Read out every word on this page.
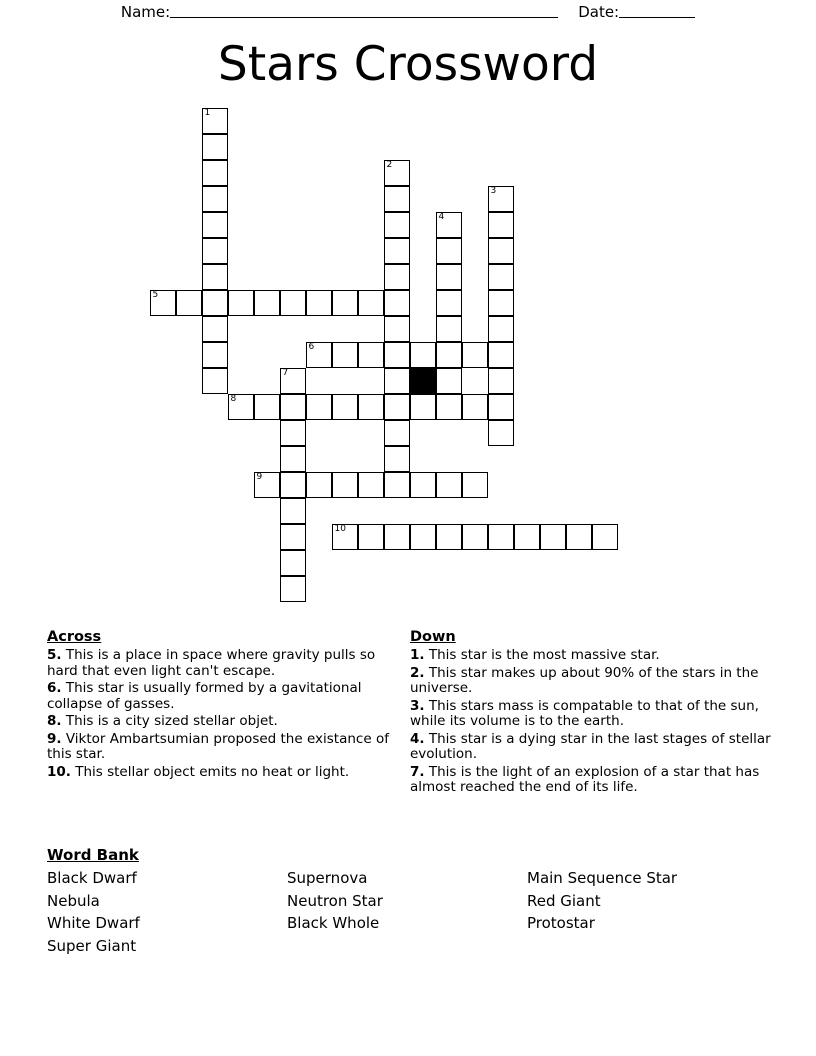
Name:	Date:
Stars Crossword
1
2
3
4
5
6
7
8
9
10
Across
5. This is a place in space where gravity pulls so hard that even light can't escape.
6. This star is usually formed by a gavitational collapse of gasses.
8. This is a city sized stellar objet.
9. Viktor Ambartsumian proposed the existance of this star.
10. This stellar object emits no heat or light.
Down
1. This star is the most massive star.
2. This star makes up about 90% of the stars in the universe.
3. This stars mass is compatable to that of the sun, while its volume is to the earth.
4. This star is a dying star in the last stages of stellar evolution.
7. This is the light of an explosion of a star that has almost reached the end of its life.
Word Bank
Black Dwarf	Supernova	Main Sequence Star
Nebula	Neutron Star	Red Giant
White Dwarf	Black Whole	Protostar
Super Giant
